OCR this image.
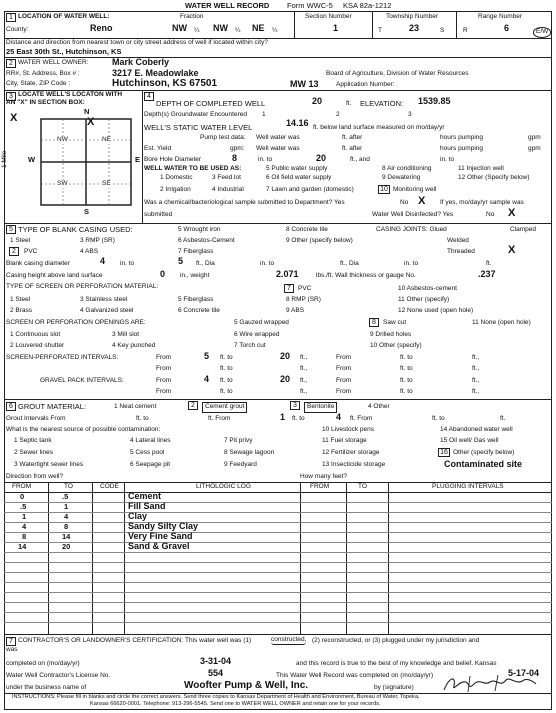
WATER WELL RECORD Form WWC-5 KSA 82a-1212
1 LOCATION OF WATER WELL:
County:	Reno
Fraction
NW ¼ NW ¼ NE ¼
Section Number
1
Township Number
T	23	S
Range Number
R	6	E/W
Distance and direction from nearest town or city street address of well if located within city?
25 East 30th St., Hutchinson, KS
2 WATER WELL OWNER:	Mark Coberly
RR#, St. Address, Box # :	3217 E. Meadowlake	Board of Agriculture, Division of Water Resources
City, State, ZIP Code :	Hutchinson, KS 67501	MW 13	Application Number:
3 LOCATE WELL'S LOCATON WITH
AN "X" IN SECTION BOX:
X
N
X
S
W	E
1 Mile
NW	NE
SW	SE
4
DEPTH OF COMPLETED WELL	20	ft. ELEVATION: 1539.85
Depth(s) Groundwater Encountered 1	2	3
WELL'S STATIC WATER LEVEL	14.16 ft. below land surface measured on mo/day/yr
Pump test data: Well water was	ft. after	hours pumping	gpm
Est. Yield	gpm: Well water was	ft. after	hours pumping	gpm
Bore Hole Diameter	8	in. to	20	ft., and	in. to
WELL WATER TO BE USED AS:	5 Public water supply	8 Air conditioning	11 Injection well
1 Domestic	3 Feed lot	6 Oil field water supply	9 Dewatering	12 Other (Specify below)
2 Irrigation	4 Industrial	7 Lawn and garden (domestic)	10 Monitoring well
Was a chemical/bacteriological sample submitted to Department? Yes	No X If yes, mo/day/yr sample was
submitted	Water Well Disinfected? Yes	No X
5 TYPE OF BLANK CASING USED:
1 Steel
2	PVC
3 RMP (SR)
4 ABS
5 Wrought iron
6 Asbestos-Cement
7 Fiberglass
8 Concrete tile
9 Other (specify below)
CASING JOINTS: Glued	Clamped
Welded
Threaded	X
Blank casing diameter	4 in. to	5 ft., Dia	in. to	ft., Dia	in. to	ft.
Casing height above land surface	0 in., weight	2.071	lbs./ft. Wall thickness or gauge No.	.237
TYPE OF SCREEN OR PERFORATION MATERIAL:
1 Steel	3 Stainless steel	5 Fiberglass
7	PVC	10 Asbestos-cement
2 Brass	4 Galvanized steel	6 Concrete tile
8 RMP (SR)
9 ABS
11 Other (specify)
12 None used (open hole)
SCREEN OR PERFORATION OPENINGS ARE:
1 Continuous slot
2 Louvered shutter
3 Mill slot
4 Key punched
5 Gauzed wrapped
6 Wire wrapped
7 Torch cut
8	Saw cut
9 Drilled holes
10 Other (specify)
11 None (open hole)
SCREEN-PERFORATED INTERVALS:	From	5 ft. to	20 ft.,	From	ft. to	ft.,
From	ft. to	ft.,	From	ft. to	ft.,
GRAVEL PACK INTERVALS:	From	4 ft. to	20 ft.,	From	ft. to	ft.,
From	ft. to	ft.,	From	ft. to	ft.,
6 GROUT MATERIAL:	1 Neat cement	2	Cement grout	3	Bentonite	4 Other
Grout Intervals From	ft. to	ft. From	1 ft. to	4 ft. From	ft. to	ft.
What is the nearest source of possible contamination:
1 Septic tank
2 Sewer lines
3 Watertight sewer lines
4 Lateral lines
5 Cess pool
6 Seepage pit
7 Pit privy
8 Sewage lagoon
9 Feedyard
10 Livestock pens
11 Fuel storage
12 Fertilizer storage
13 Insecticide storage
14 Abandoned water well
15 Oil well/ Gas well
16 Other (specify below)
Contaminated site
Direction from well?	How many feet?
FROM	TO	CODE	LITHOLOGIC LOG	FROM	TO	PLUGGING INTERVALS
0	.5	Cement
.5	1	Fill Sand
1	4	Clay
4	8	Sandy Silty Clay
8	14	Very Fine Sand
14	20	Sand & Gravel
7 CONTRACTOR'S OR LANDOWNER'S CERTIFICATION: This water well was (1)	constructed, (2) reconstructed, or (3) plugged under my jurisdiction and
was
completed on (mo/day/yr)	3-31-04	and this record is true to the best of my knowledge and belief. Kansas
Water Well Contractor's License No.	554	This Water Well Record was completed on (mo/day/yr)	5-17-04
under the business name of	Woofter Pump & Well, Inc.	by (signature)
INSTRUCTIONS: Please fill in blanks and circle the correct answers. Send three copies to Kansas Department of Health and Environment, Bureau of Water, Topeka,
Kansas 66620-0001. Telephone: 913-296-5545. Send one to WATER WELL OWNER and retain one for your records.
